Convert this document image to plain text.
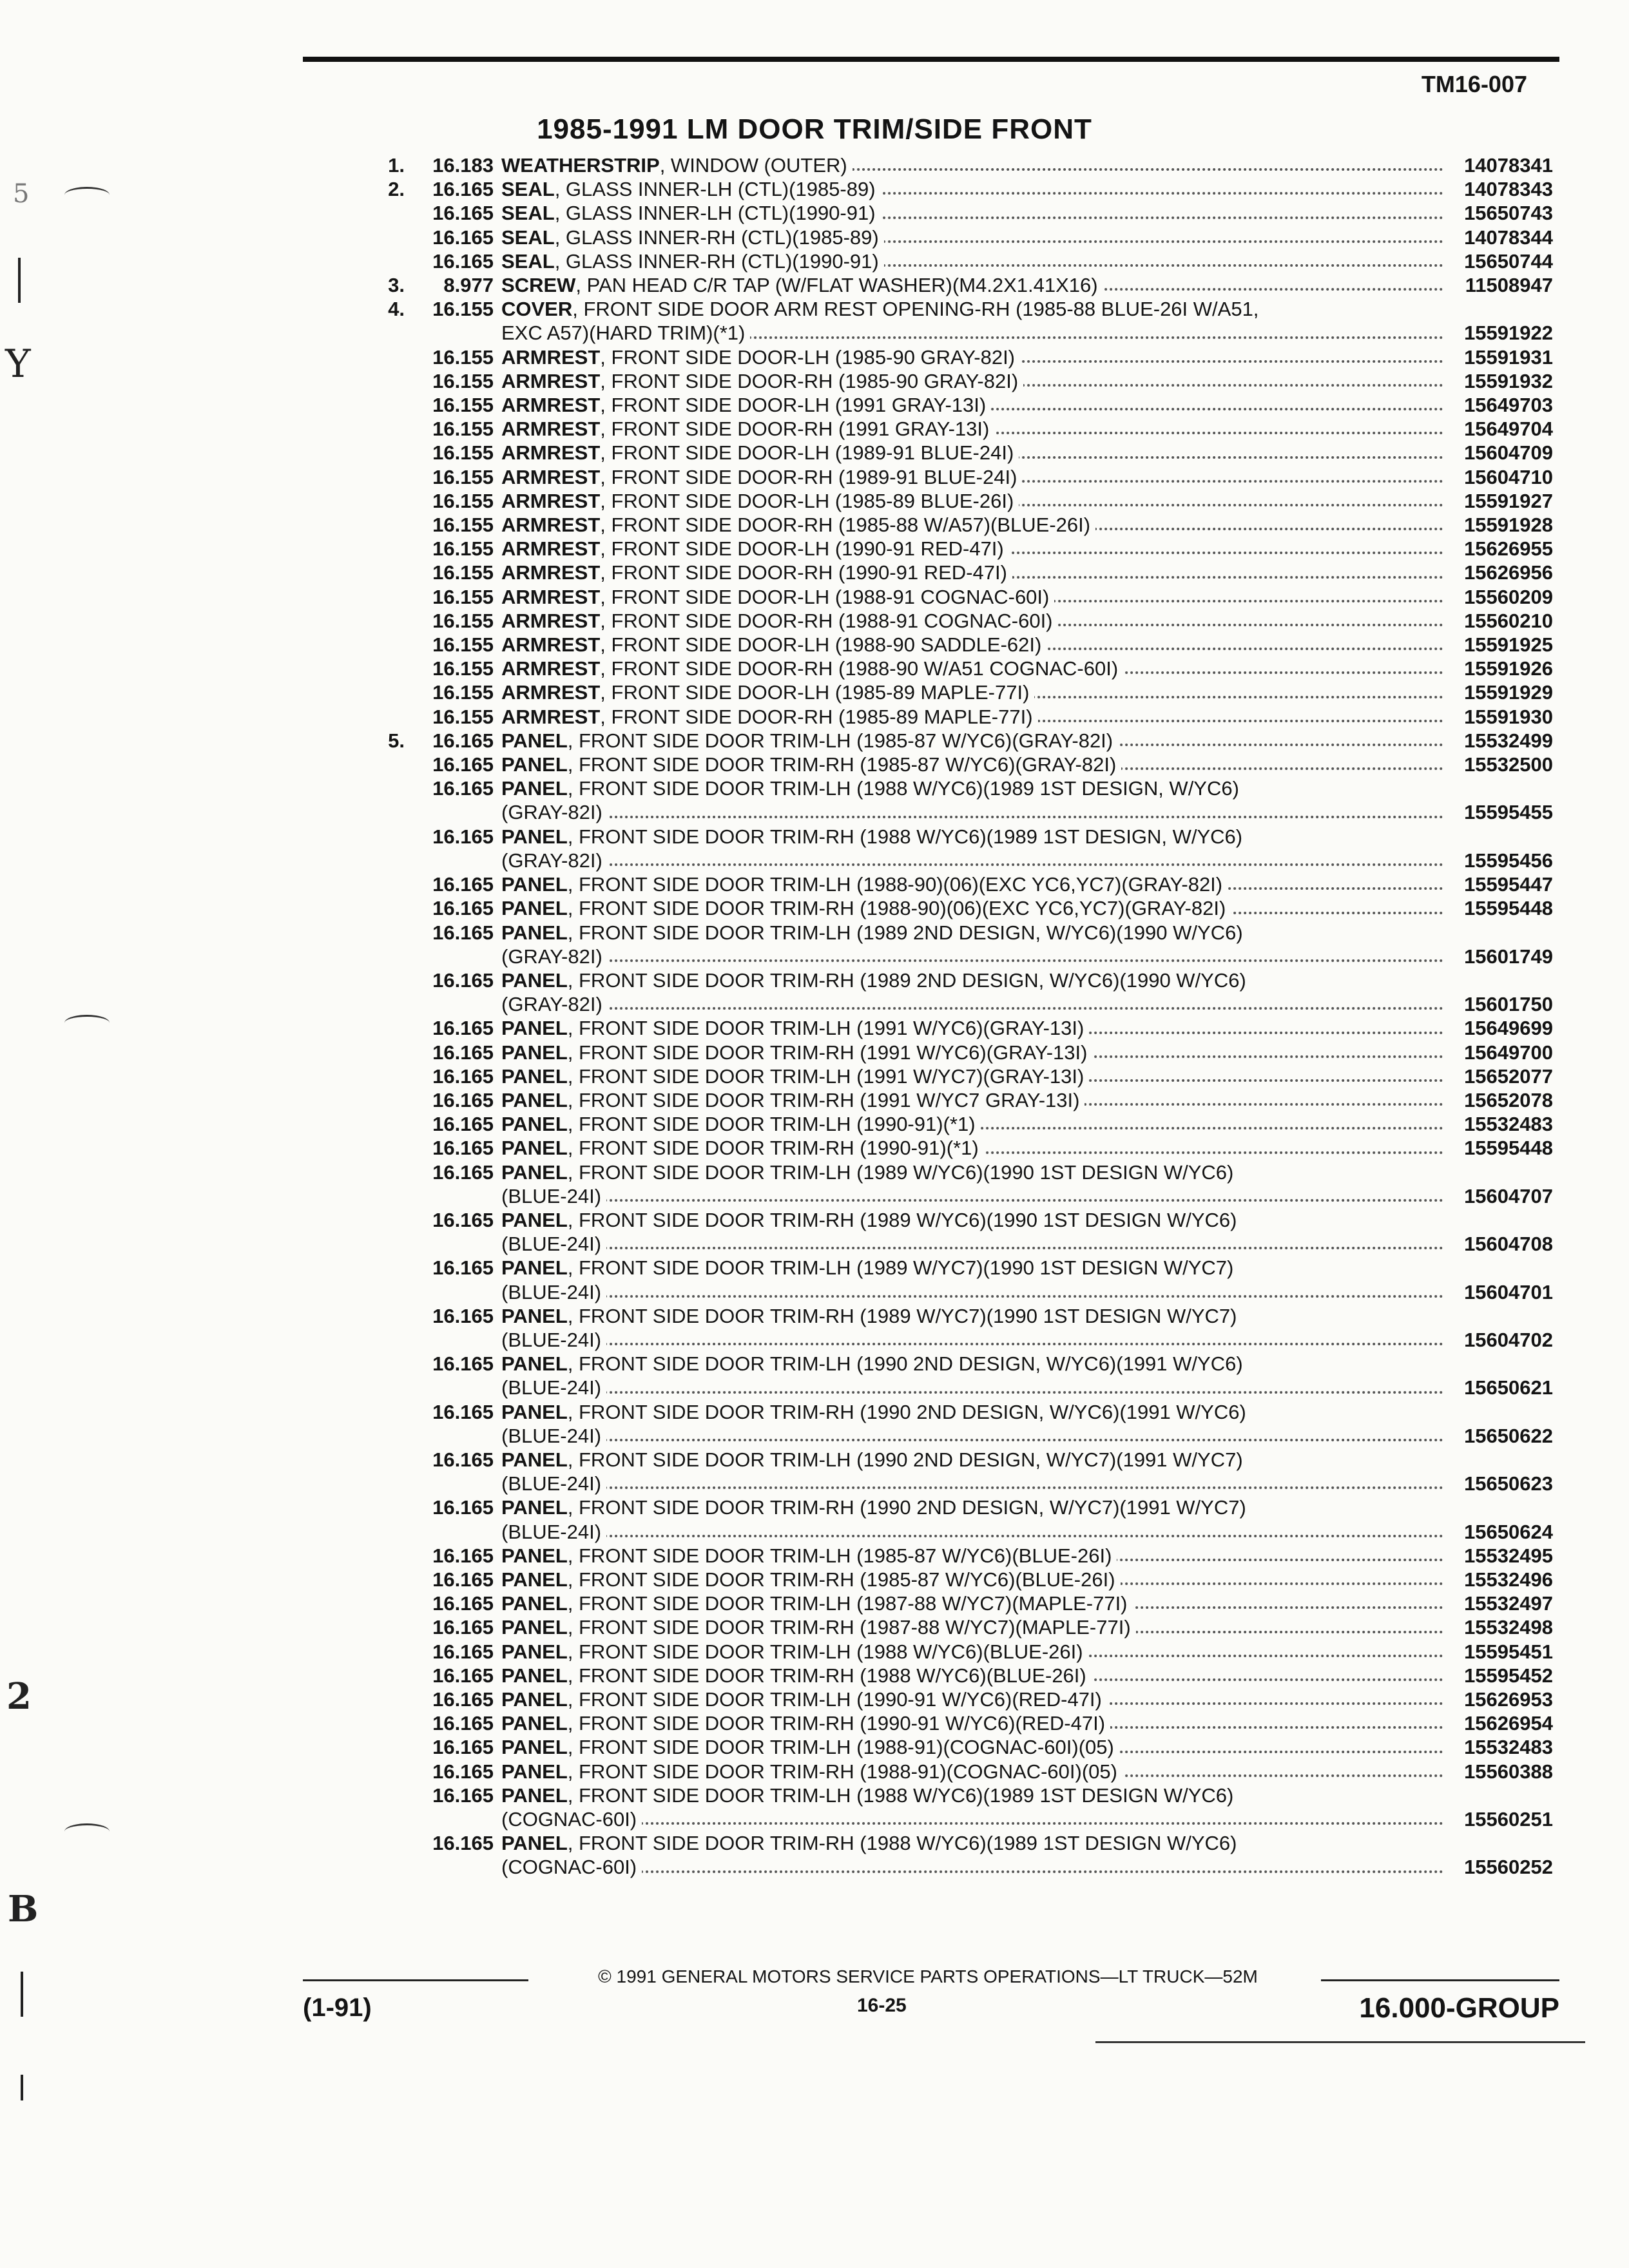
TM16-007
1985-1991 LM DOOR TRIM/SIDE FRONT
1.	16.183 WEATHERSTRIP, WINDOW (OUTER)	14078341
2.	16.165 SEAL, GLASS INNER-LH (CTL)(1985-89)	14078343
16.165 SEAL, GLASS INNER-LH (CTL)(1990-91)	15650743
16.165 SEAL, GLASS INNER-RH (CTL)(1985-89)	14078344
16.165 SEAL, GLASS INNER-RH (CTL)(1990-91)	15650744
3.	8.977 SCREW, PAN HEAD C/R TAP (W/FLAT WASHER)(M4.2X1.41X16)	11508947
4.	16.155 COVER, FRONT SIDE DOOR ARM REST OPENING-RH (1985-88 BLUE-26I W/A51,
EXC A57)(HARD TRIM)(*1)	15591922
16.155 ARMREST, FRONT SIDE DOOR-LH (1985-90 GRAY-82I)	15591931
16.155 ARMREST, FRONT SIDE DOOR-RH (1985-90 GRAY-82I)	15591932
16.155 ARMREST, FRONT SIDE DOOR-LH (1991 GRAY-13I)	15649703
16.155 ARMREST, FRONT SIDE DOOR-RH (1991 GRAY-13I)	15649704
16.155 ARMREST, FRONT SIDE DOOR-LH (1989-91 BLUE-24I)	15604709
16.155 ARMREST, FRONT SIDE DOOR-RH (1989-91 BLUE-24I)	15604710
16.155 ARMREST, FRONT SIDE DOOR-LH (1985-89 BLUE-26I)	15591927
16.155 ARMREST, FRONT SIDE DOOR-RH (1985-88 W/A57)(BLUE-26I)	15591928
16.155 ARMREST, FRONT SIDE DOOR-LH (1990-91 RED-47I)	15626955
16.155 ARMREST, FRONT SIDE DOOR-RH (1990-91 RED-47I)	15626956
16.155 ARMREST, FRONT SIDE DOOR-LH (1988-91 COGNAC-60I)	15560209
16.155 ARMREST, FRONT SIDE DOOR-RH (1988-91 COGNAC-60I)	15560210
16.155 ARMREST, FRONT SIDE DOOR-LH (1988-90 SADDLE-62I)	15591925
16.155 ARMREST, FRONT SIDE DOOR-RH (1988-90 W/A51 COGNAC-60I)	15591926
16.155 ARMREST, FRONT SIDE DOOR-LH (1985-89 MAPLE-77I)	15591929
16.155 ARMREST, FRONT SIDE DOOR-RH (1985-89 MAPLE-77I)	15591930
5.	16.165 PANEL, FRONT SIDE DOOR TRIM-LH (1985-87 W/YC6)(GRAY-82I)	15532499
16.165 PANEL, FRONT SIDE DOOR TRIM-RH (1985-87 W/YC6)(GRAY-82I)	15532500
16.165 PANEL, FRONT SIDE DOOR TRIM-LH (1988 W/YC6)(1989 1ST DESIGN, W/YC6)
(GRAY-82I)	15595455
16.165 PANEL, FRONT SIDE DOOR TRIM-RH (1988 W/YC6)(1989 1ST DESIGN, W/YC6)
(GRAY-82I)	15595456
16.165 PANEL, FRONT SIDE DOOR TRIM-LH (1988-90)(06)(EXC YC6,YC7)(GRAY-82I)	15595447
16.165 PANEL, FRONT SIDE DOOR TRIM-RH (1988-90)(06)(EXC YC6,YC7)(GRAY-82I)	15595448
16.165 PANEL, FRONT SIDE DOOR TRIM-LH (1989 2ND DESIGN, W/YC6)(1990 W/YC6)
(GRAY-82I)	15601749
16.165 PANEL, FRONT SIDE DOOR TRIM-RH (1989 2ND DESIGN, W/YC6)(1990 W/YC6)
(GRAY-82I)	15601750
16.165 PANEL, FRONT SIDE DOOR TRIM-LH (1991 W/YC6)(GRAY-13I)	15649699
16.165 PANEL, FRONT SIDE DOOR TRIM-RH (1991 W/YC6)(GRAY-13I)	15649700
16.165 PANEL, FRONT SIDE DOOR TRIM-LH (1991 W/YC7)(GRAY-13I)	15652077
16.165 PANEL, FRONT SIDE DOOR TRIM-RH (1991 W/YC7 GRAY-13I)	15652078
16.165 PANEL, FRONT SIDE DOOR TRIM-LH (1990-91)(*1)	15532483
16.165 PANEL, FRONT SIDE DOOR TRIM-RH (1990-91)(*1)	15595448
16.165 PANEL, FRONT SIDE DOOR TRIM-LH (1989 W/YC6)(1990 1ST DESIGN W/YC6)
(BLUE-24I)	15604707
16.165 PANEL, FRONT SIDE DOOR TRIM-RH (1989 W/YC6)(1990 1ST DESIGN W/YC6)
(BLUE-24I)	15604708
16.165 PANEL, FRONT SIDE DOOR TRIM-LH (1989 W/YC7)(1990 1ST DESIGN W/YC7)
(BLUE-24I)	15604701
16.165 PANEL, FRONT SIDE DOOR TRIM-RH (1989 W/YC7)(1990 1ST DESIGN W/YC7)
(BLUE-24I)	15604702
16.165 PANEL, FRONT SIDE DOOR TRIM-LH (1990 2ND DESIGN, W/YC6)(1991 W/YC6)
(BLUE-24I)	15650621
16.165 PANEL, FRONT SIDE DOOR TRIM-RH (1990 2ND DESIGN, W/YC6)(1991 W/YC6)
(BLUE-24I)	15650622
16.165 PANEL, FRONT SIDE DOOR TRIM-LH (1990 2ND DESIGN, W/YC7)(1991 W/YC7)
(BLUE-24I)	15650623
16.165 PANEL, FRONT SIDE DOOR TRIM-RH (1990 2ND DESIGN, W/YC7)(1991 W/YC7)
(BLUE-24I)	15650624
16.165 PANEL, FRONT SIDE DOOR TRIM-LH (1985-87 W/YC6)(BLUE-26I)	15532495
16.165 PANEL, FRONT SIDE DOOR TRIM-RH (1985-87 W/YC6)(BLUE-26I)	15532496
16.165 PANEL, FRONT SIDE DOOR TRIM-LH (1987-88 W/YC7)(MAPLE-77I)	15532497
16.165 PANEL, FRONT SIDE DOOR TRIM-RH (1987-88 W/YC7)(MAPLE-77I)	15532498
16.165 PANEL, FRONT SIDE DOOR TRIM-LH (1988 W/YC6)(BLUE-26I)	15595451
16.165 PANEL, FRONT SIDE DOOR TRIM-RH (1988 W/YC6)(BLUE-26I)	15595452
16.165 PANEL, FRONT SIDE DOOR TRIM-LH (1990-91 W/YC6)(RED-47I)	15626953
16.165 PANEL, FRONT SIDE DOOR TRIM-RH (1990-91 W/YC6)(RED-47I)	15626954
16.165 PANEL, FRONT SIDE DOOR TRIM-LH (1988-91)(COGNAC-60I)(05)	15532483
16.165 PANEL, FRONT SIDE DOOR TRIM-RH (1988-91)(COGNAC-60I)(05)	15560388
16.165 PANEL, FRONT SIDE DOOR TRIM-LH (1988 W/YC6)(1989 1ST DESIGN W/YC6)
(COGNAC-60I)	15560251
16.165 PANEL, FRONT SIDE DOOR TRIM-RH (1988 W/YC6)(1989 1ST DESIGN W/YC6)
(COGNAC-60I)	15560252
© 1991 GENERAL MOTORS SERVICE PARTS OPERATIONS—LT TRUCK—52M
(1-91)	16-25	16.000-GROUP
5
Y
2
B
